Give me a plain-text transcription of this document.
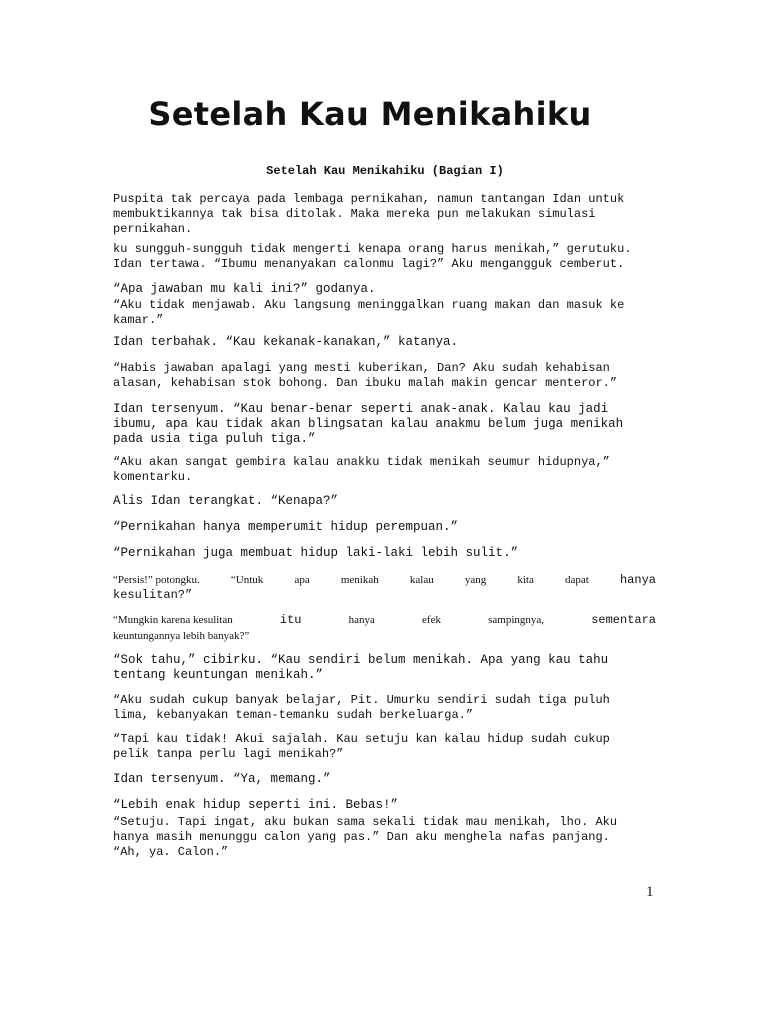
Setelah Kau Menikahiku
Setelah Kau Menikahiku (Bagian I)

Puspita tak percaya pada lembaga pernikahan, namun tantangan Idan untuk
membuktikannya tak bisa ditolak. Maka mereka pun melakukan simulasi
pernikahan.

ku sungguh-sungguh tidak mengerti kenapa orang harus menikah,” gerutuku.
Idan tertawa. “Ibumu menanyakan calonmu lagi?” Aku mengangguk cemberut.

“Apa jawaban mu kali ini?” godanya.

“Aku tidak menjawab. Aku langsung meninggalkan ruang makan dan masuk ke
kamar.”

Idan terbahak. “Kau kekanak-kanakan,” katanya.

“Habis jawaban apalagi yang mesti kuberikan, Dan? Aku sudah kehabisan
alasan, kehabisan stok bohong. Dan ibuku malah makin gencar menteror.”

Idan tersenyum. “Kau benar-benar seperti anak-anak. Kalau kau jadi
ibumu, apa kau tidak akan blingsatan kalau anakmu belum juga menikah
pada usia tiga puluh tiga.”

“Aku akan sangat gembira kalau anakku tidak menikah seumur hidupnya,”
komentarku.

Alis Idan terangkat. “Kenapa?”

“Pernikahan hanya memperumit hidup perempuan.”

“Pernikahan juga membuat hidup laki-laki lebih sulit.”

“Persis!” potongku.	“Untuk	apa	menikah	kalau	yang	kita	dapat	hanya

kesulitan?”

“Mungkin karena kesulitan	itu	hanya	efek	sampingnya,	sementara

keuntungannya lebih banyak?”

“Sok tahu,” cibirku. “Kau sendiri belum menikah. Apa yang kau tahu
tentang keuntungan menikah.”

“Aku sudah cukup banyak belajar, Pit. Umurku sendiri sudah tiga puluh
lima, kebanyakan teman-temanku sudah berkeluarga.”

“Tapi kau tidak! Akui sajalah. Kau setuju kan kalau hidup sudah cukup
pelik tanpa perlu lagi menikah?”

Idan tersenyum. “Ya, memang.”

“Lebih enak hidup seperti ini. Bebas!”

“Setuju. Tapi ingat, aku bukan sama sekali tidak mau menikah, lho. Aku
hanya masih menunggu calon yang pas.” Dan aku menghela nafas panjang.

“Ah, ya. Calon.”

1
